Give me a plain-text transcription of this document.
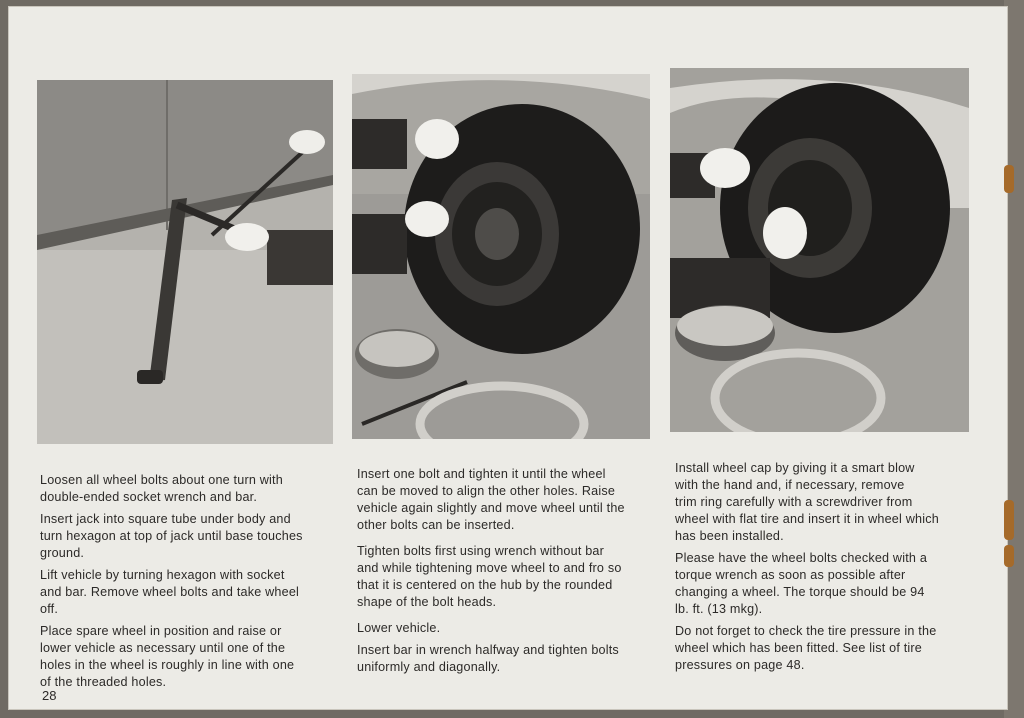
Loosen all wheel bolts about one turn with
double-ended socket wrench and bar.

Insert jack into square tube under body and
turn hexagon at top of jack until base touches
ground.

Lift vehicle by turning hexagon with socket
and bar. Remove wheel bolts and take wheel
off.

Place spare wheel in position and raise or
lower vehicle as necessary until one of the
holes in the wheel is roughly in line with one
of the threaded holes.

Insert one bolt and tighten it until the wheel
can be moved to align the other holes. Raise
vehicle again slightly and move wheel until the
other bolts can be inserted.

Tighten bolts first using wrench without bar
and while tightening move wheel to and fro so
that it is centered on the hub by the rounded
shape of the bolt heads.

Lower vehicle.

Insert bar in wrench halfway and tighten bolts
uniformly and diagonally.

Install wheel cap by giving it a smart blow
with the hand and, if necessary, remove
trim ring carefully with a screwdriver from
wheel with flat tire and insert it in wheel which
has been installed.

Please have the wheel bolts checked with a
torque wrench as soon as possible after
changing a wheel. The torque should be 94
lb. ft. (13 mkg).

Do not forget to check the tire pressure in the
wheel which has been fitted. See list of tire
pressures on page 48.

28
